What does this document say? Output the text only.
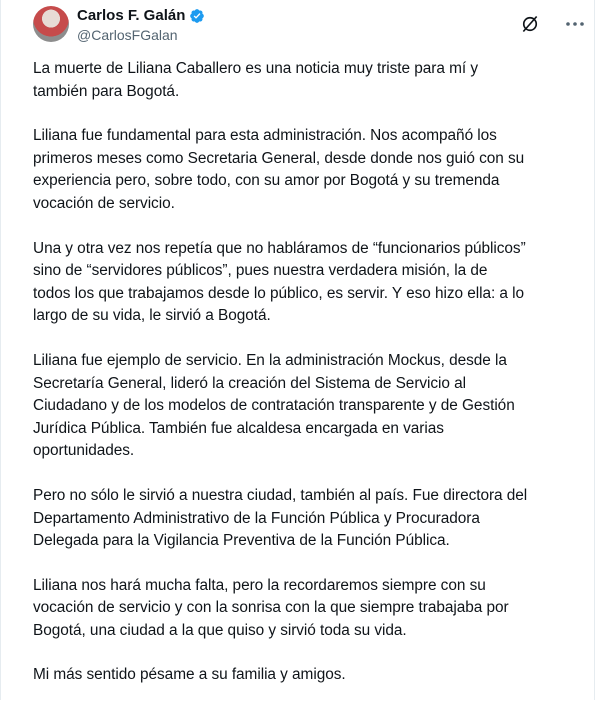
Carlos F. Galán
@CarlosFGalan

La muerte de Liliana Caballero es una noticia muy triste para mí y
también para Bogotá.

Liliana fue fundamental para esta administración. Nos acompañó los
primeros meses como Secretaria General, desde donde nos guió con su
experiencia pero, sobre todo, con su amor por Bogotá y su tremenda
vocación de servicio.

Una y otra vez nos repetía que no habláramos de “funcionarios públicos”
sino de “servidores públicos”, pues nuestra verdadera misión, la de
todos los que trabajamos desde lo público, es servir. Y eso hizo ella: a lo
largo de su vida, le sirvió a Bogotá.

Liliana fue ejemplo de servicio. En la administración Mockus, desde la
Secretaría General, lideró la creación del Sistema de Servicio al
Ciudadano y de los modelos de contratación transparente y de Gestión
Jurídica Pública. También fue alcaldesa encargada en varias
oportunidades.

Pero no sólo le sirvió a nuestra ciudad, también al país. Fue directora del
Departamento Administrativo de la Función Pública y Procuradora
Delegada para la Vigilancia Preventiva de la Función Pública.

Liliana nos hará mucha falta, pero la recordaremos siempre con su
vocación de servicio y con la sonrisa con la que siempre trabajaba por
Bogotá, una ciudad a la que quiso y sirvió toda su vida.

Mi más sentido pésame a su familia y amigos.
